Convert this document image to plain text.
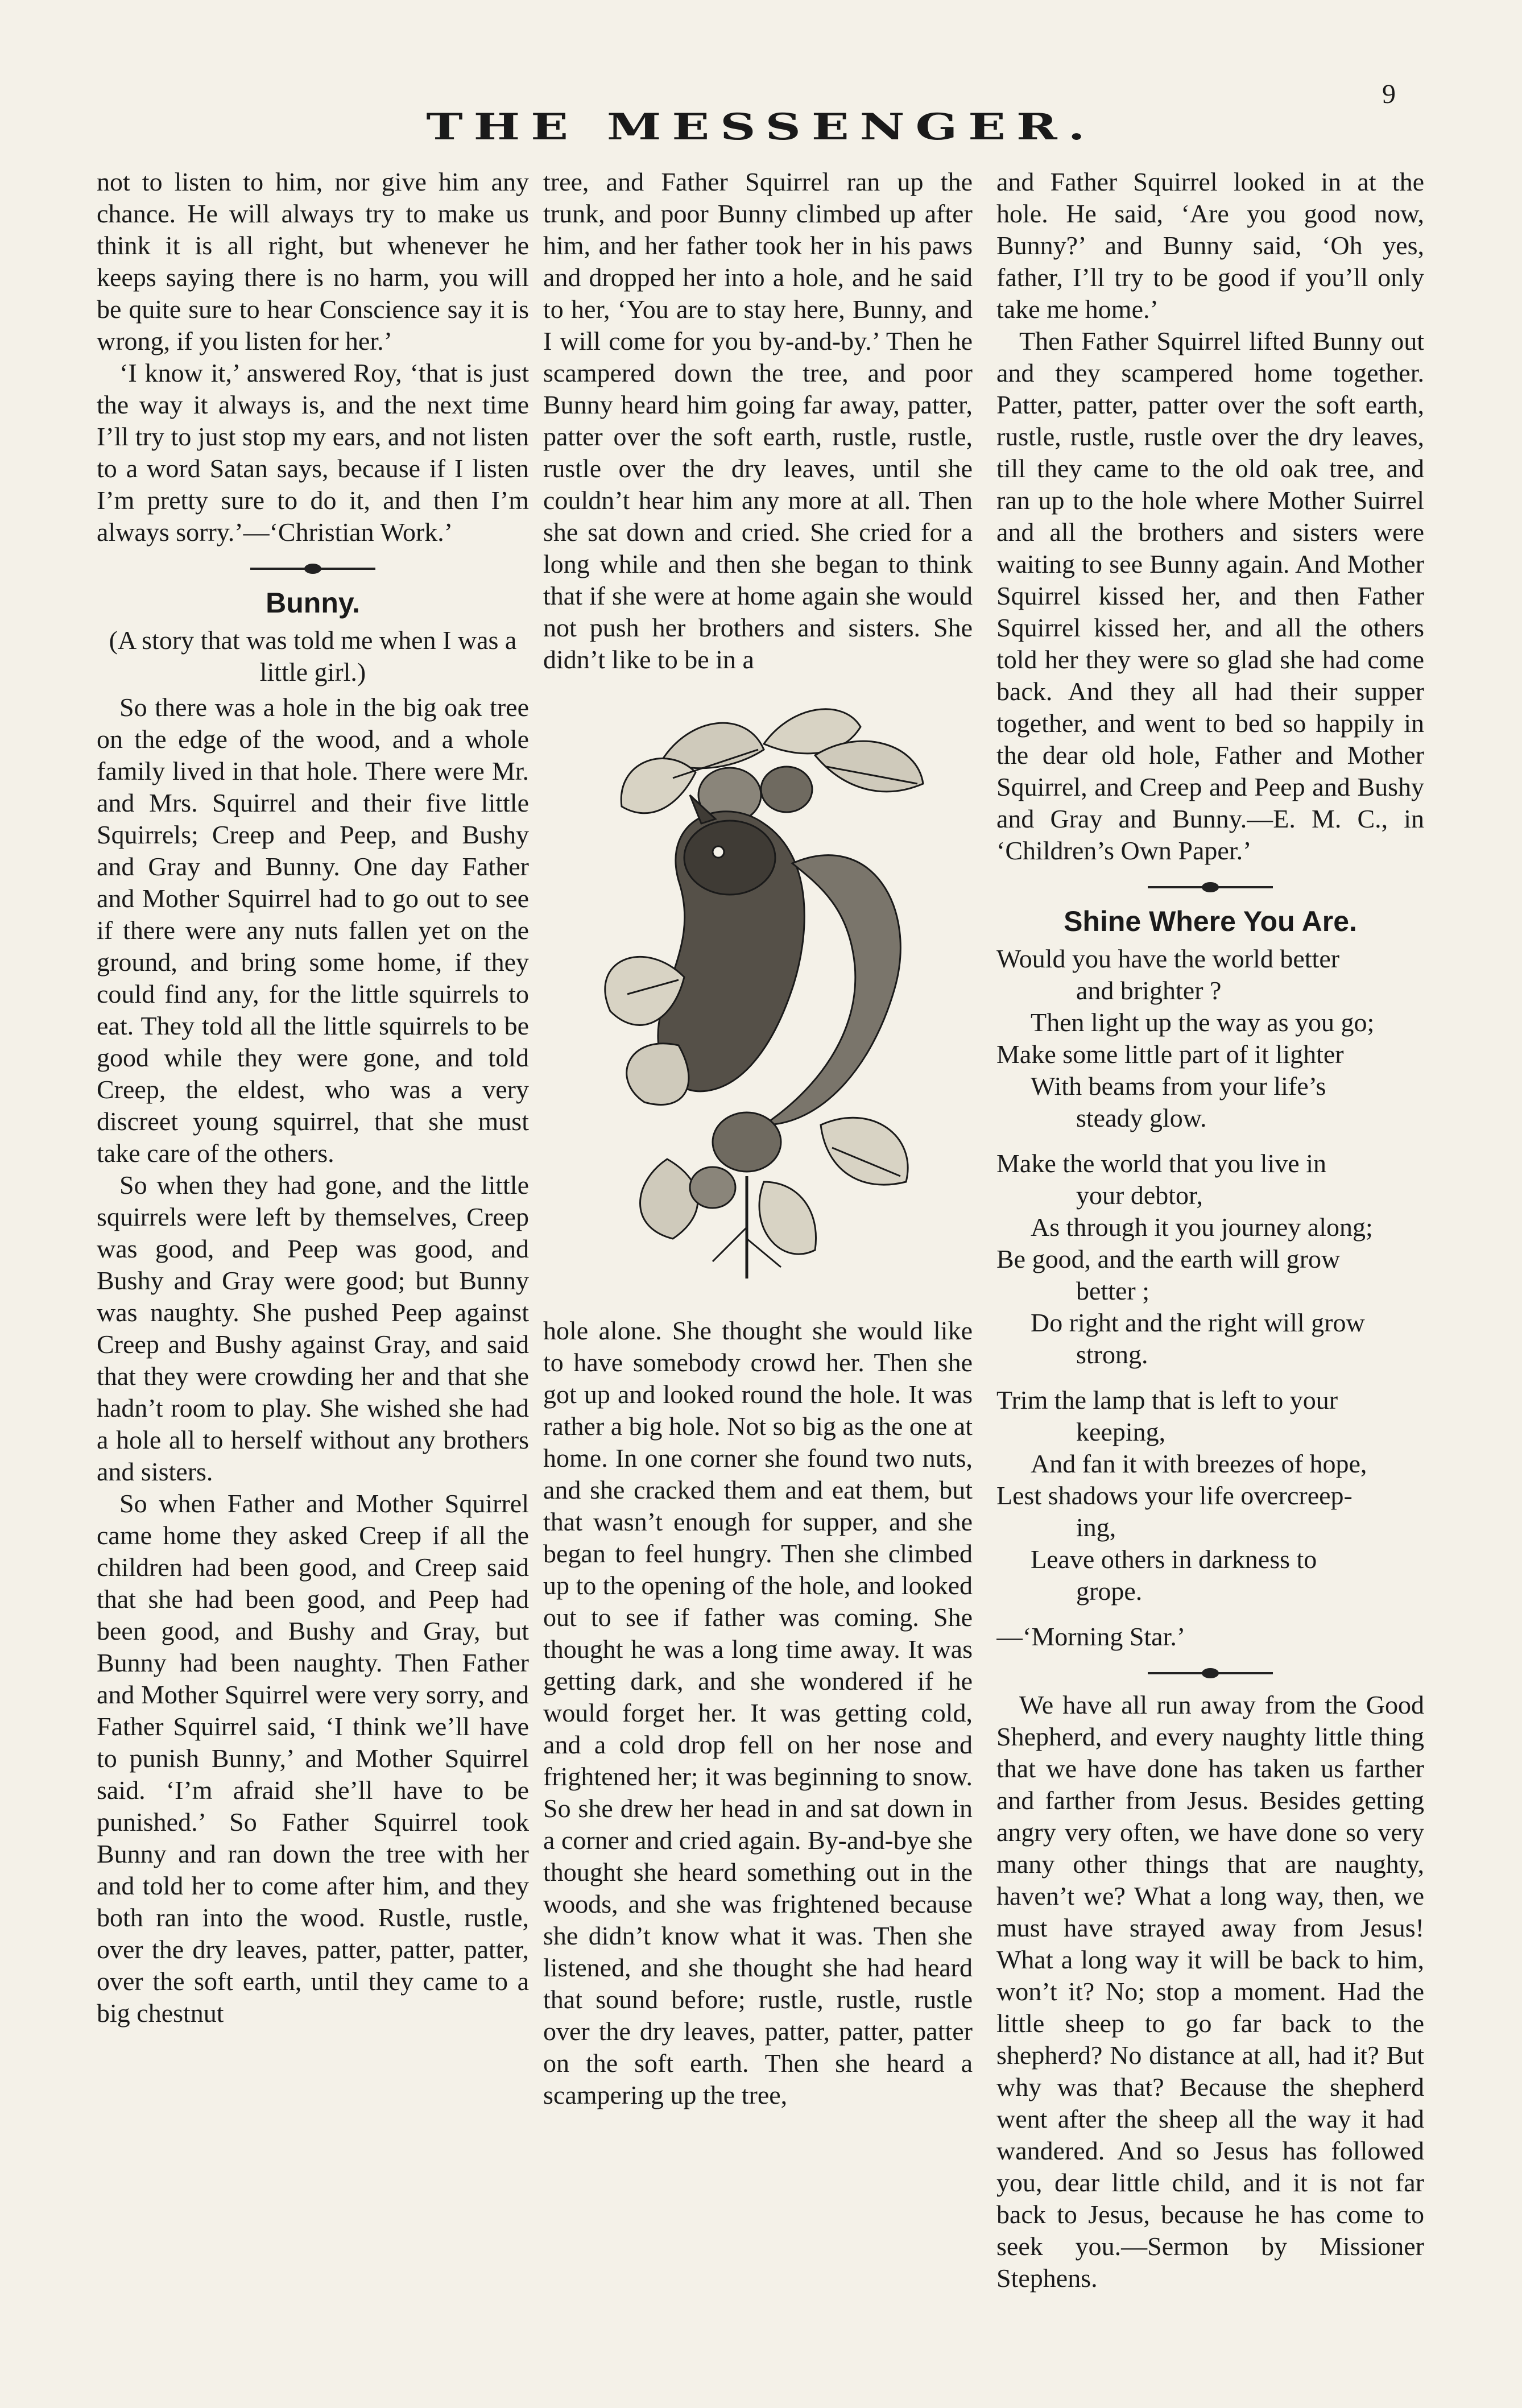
9
THE MESSENGER.

not to listen to him, nor give him any chance. He will always try to make us think it is all right, but whenever he keeps saying there is no harm, you will be quite sure to hear Conscience say it is wrong, if you listen for her.’

‘I know it,’ answered Roy, ‘that is just the way it always is, and the next time I’ll try to just stop my ears, and not listen to a word Satan says, because if I listen I’m pretty sure to do it, and then I’m always sorry.’—‘Christian Work.’

Bunny.
(A story that was told me when I was a little girl.)

So there was a hole in the big oak tree on the edge of the wood, and a whole family lived in that hole. There were Mr. and Mrs. Squirrel and their five little Squirrels; Creep and Peep, and Bushy and Gray and Bunny. One day Father and Mother Squirrel had to go out to see if there were any nuts fallen yet on the ground, and bring some home, if they could find any, for the little squirrels to eat. They told all the little squirrels to be good while they were gone, and told Creep, the eldest, who was a very discreet young squirrel, that she must take care of the others.

So when they had gone, and the little squirrels were left by themselves, Creep was good, and Peep was good, and Bushy and Gray were good; but Bunny was naughty. She pushed Peep against Creep and Bushy against Gray, and said that they were crowding her and that she hadn’t room to play. She wished she had a hole all to herself without any brothers and sisters.

So when Father and Mother Squirrel came home they asked Creep if all the children had been good, and Creep said that she had been good, and Peep had been good, and Bushy and Gray, but Bunny had been naughty. Then Father and Mother Squirrel were very sorry, and Father Squirrel said, ‘I think we’ll have to punish Bunny,’ and Mother Squirrel said. ‘I’m afraid she’ll have to be punished.’ So Father Squirrel took Bunny and ran down the tree with her and told her to come after him, and they both ran into the wood. Rustle, rustle, over the dry leaves, patter, patter, patter, over the soft earth, until they came to a big chestnut

tree, and Father Squirrel ran up the trunk, and poor Bunny climbed up after him, and her father took her in his paws and dropped her into a hole, and he said to her, ‘You are to stay here, Bunny, and I will come for you by-and-by.’ Then he scampered down the tree, and poor Bunny heard him going far away, patter, patter over the soft earth, rustle, rustle, rustle over the dry leaves, until she couldn’t hear him any more at all. Then she sat down and cried. She cried for a long while and then she began to think that if she were at home again she would not push her brothers and sisters. She didn’t like to be in a

hole alone. She thought she would like to have somebody crowd her. Then she got up and looked round the hole. It was rather a big hole. Not so big as the one at home. In one corner she found two nuts, and she cracked them and eat them, but that wasn’t enough for supper, and she began to feel hungry. Then she climbed up to the opening of the hole, and looked out to see if father was coming. She thought he was a long time away. It was getting dark, and she wondered if he would forget her. It was getting cold, and a cold drop fell on her nose and frightened her; it was beginning to snow. So she drew her head in and sat down in a corner and cried again. By-and-bye she thought she heard something out in the woods, and she was frightened because she didn’t know what it was. Then she listened, and she thought she had heard that sound before; rustle, rustle, rustle over the dry leaves, patter, patter, patter on the soft earth. Then she heard a scampering up the tree,

and Father Squirrel looked in at the hole. He said, ‘Are you good now, Bunny?’ and Bunny said, ‘Oh yes, father, I’ll try to be good if you’ll only take me home.’

Then Father Squirrel lifted Bunny out and they scampered home together. Patter, patter, patter over the soft earth, rustle, rustle, rustle over the dry leaves, till they came to the old oak tree, and ran up to the hole where Mother Suirrel and all the brothers and sisters were waiting to see Bunny again. And Mother Squirrel kissed her, and then Father Squirrel kissed her, and all the others told her they were so glad she had come back. And they all had their supper together, and went to bed so happily in the dear old hole, Father and Mother Squirrel, and Creep and Peep and Bushy and Gray and Bunny.—E. M. C., in ‘Children’s Own Paper.’

Shine Where You Are.
Would you have the world better
and brighter ?
Then light up the way as you go;
Make some little part of it lighter
With beams from your life’s
steady glow.
Make the world that you live in
your debtor,
As through it you journey along;
Be good, and the earth will grow
better ;
Do right and the right will grow
strong.
Trim the lamp that is left to your
keeping,
And fan it with breezes of hope,
Lest shadows your life overcreep-
ing,
Leave others in darkness to
grope.
—‘Morning Star.’

We have all run away from the Good Shepherd, and every naughty little thing that we have done has taken us farther and farther from Jesus. Besides getting angry very often, we have done so very many other things that are naughty, haven’t we? What a long way, then, we must have strayed away from Jesus! What a long way it will be back to him, won’t it? No; stop a moment. Had the little sheep to go far back to the shepherd? No distance at all, had it? But why was that? Because the shepherd went after the sheep all the way it had wandered. And so Jesus has followed you, dear little child, and it is not far back to Jesus, because he has come to seek you.—Sermon by Missioner Stephens.
